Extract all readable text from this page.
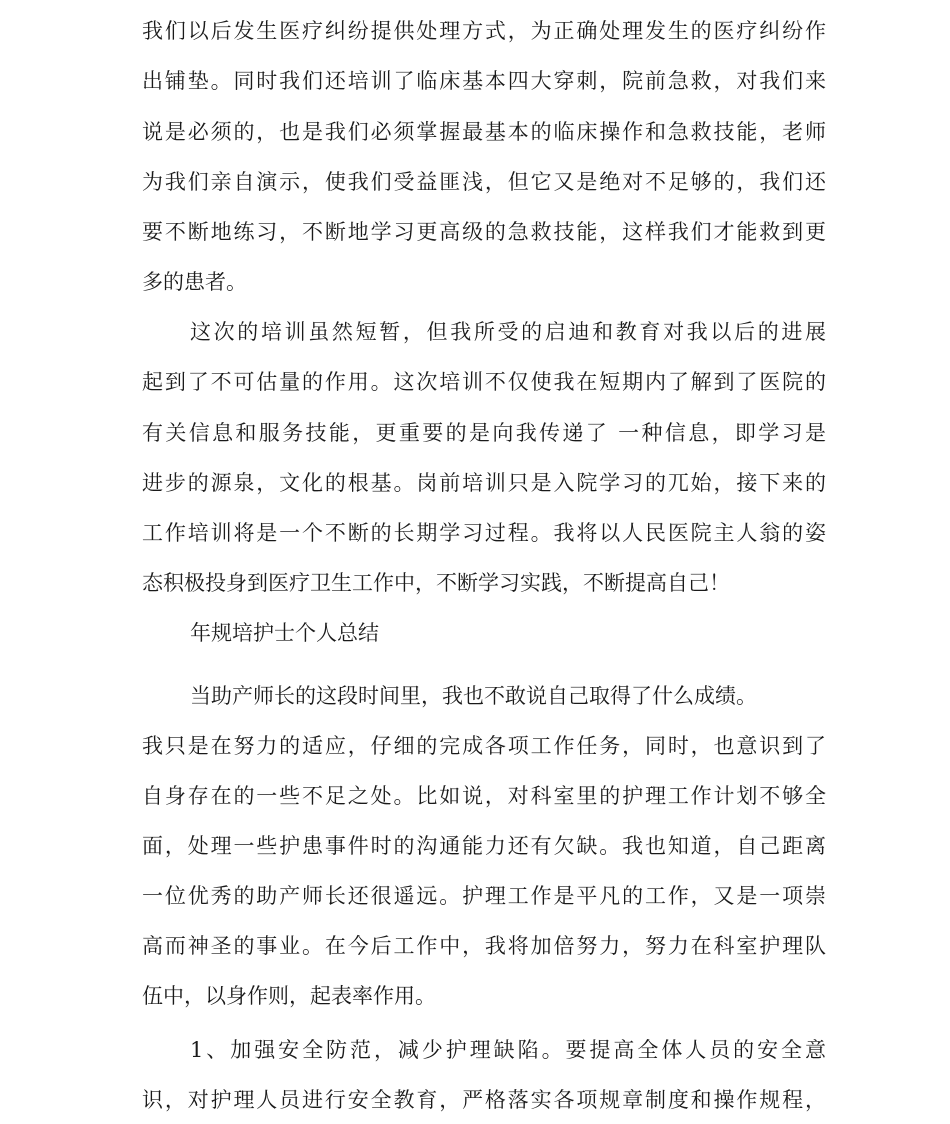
我们以后发生医疗纠纷提供处理方式，为正确处理发生的医疗纠纷作
出铺垫。同时我们还培训了临床基本四大穿刺，院前急救，对我们来
说是必须的，也是我们必须掌握最基本的临床操作和急救技能，老师
为我们亲自演示，使我们受益匪浅，但它又是绝对不足够的，我们还
要不断地练习，不断地学习更高级的急救技能，这样我们才能救到更
多的患者。
这次的培训虽然短暂，但我所受的启迪和教育对我以后的进展
起到了不可估量的作用。这次培训不仅使我在短期内了解到了医院的
有关信息和服务技能，更重要的是向我传递了 一种信息，即学习是
进步的源泉，文化的根基。岗前培训只是入院学习的兀始，接下来的
工作培训将是一个不断的长期学习过程。我将以人民医院主人翁的姿
态积极投身到医疗卫生工作中，不断学习实践，不断提高自己！
年规培护士个人总结
当助产师长的这段时间里，我也不敢说自己取得了什么成绩。
我只是在努力的适应，仔细的完成各项工作任务，同时，也意识到了
自身存在的一些不足之处。比如说，对科室里的护理工作计划不够全
面，处理一些护患事件时的沟通能力还有欠缺。我也知道，自己距离
一位优秀的助产师长还很遥远。护理工作是平凡的工作，又是一项崇
高而神圣的事业。在今后工作中，我将加倍努力，努力在科室护理队
伍中，以身作则，起表率作用。
1、加强安全防范，减少护理缺陷。要提高全体人员的安全意
识，对护理人员进行安全教育，严格落实各项规章制度和操作规程，
